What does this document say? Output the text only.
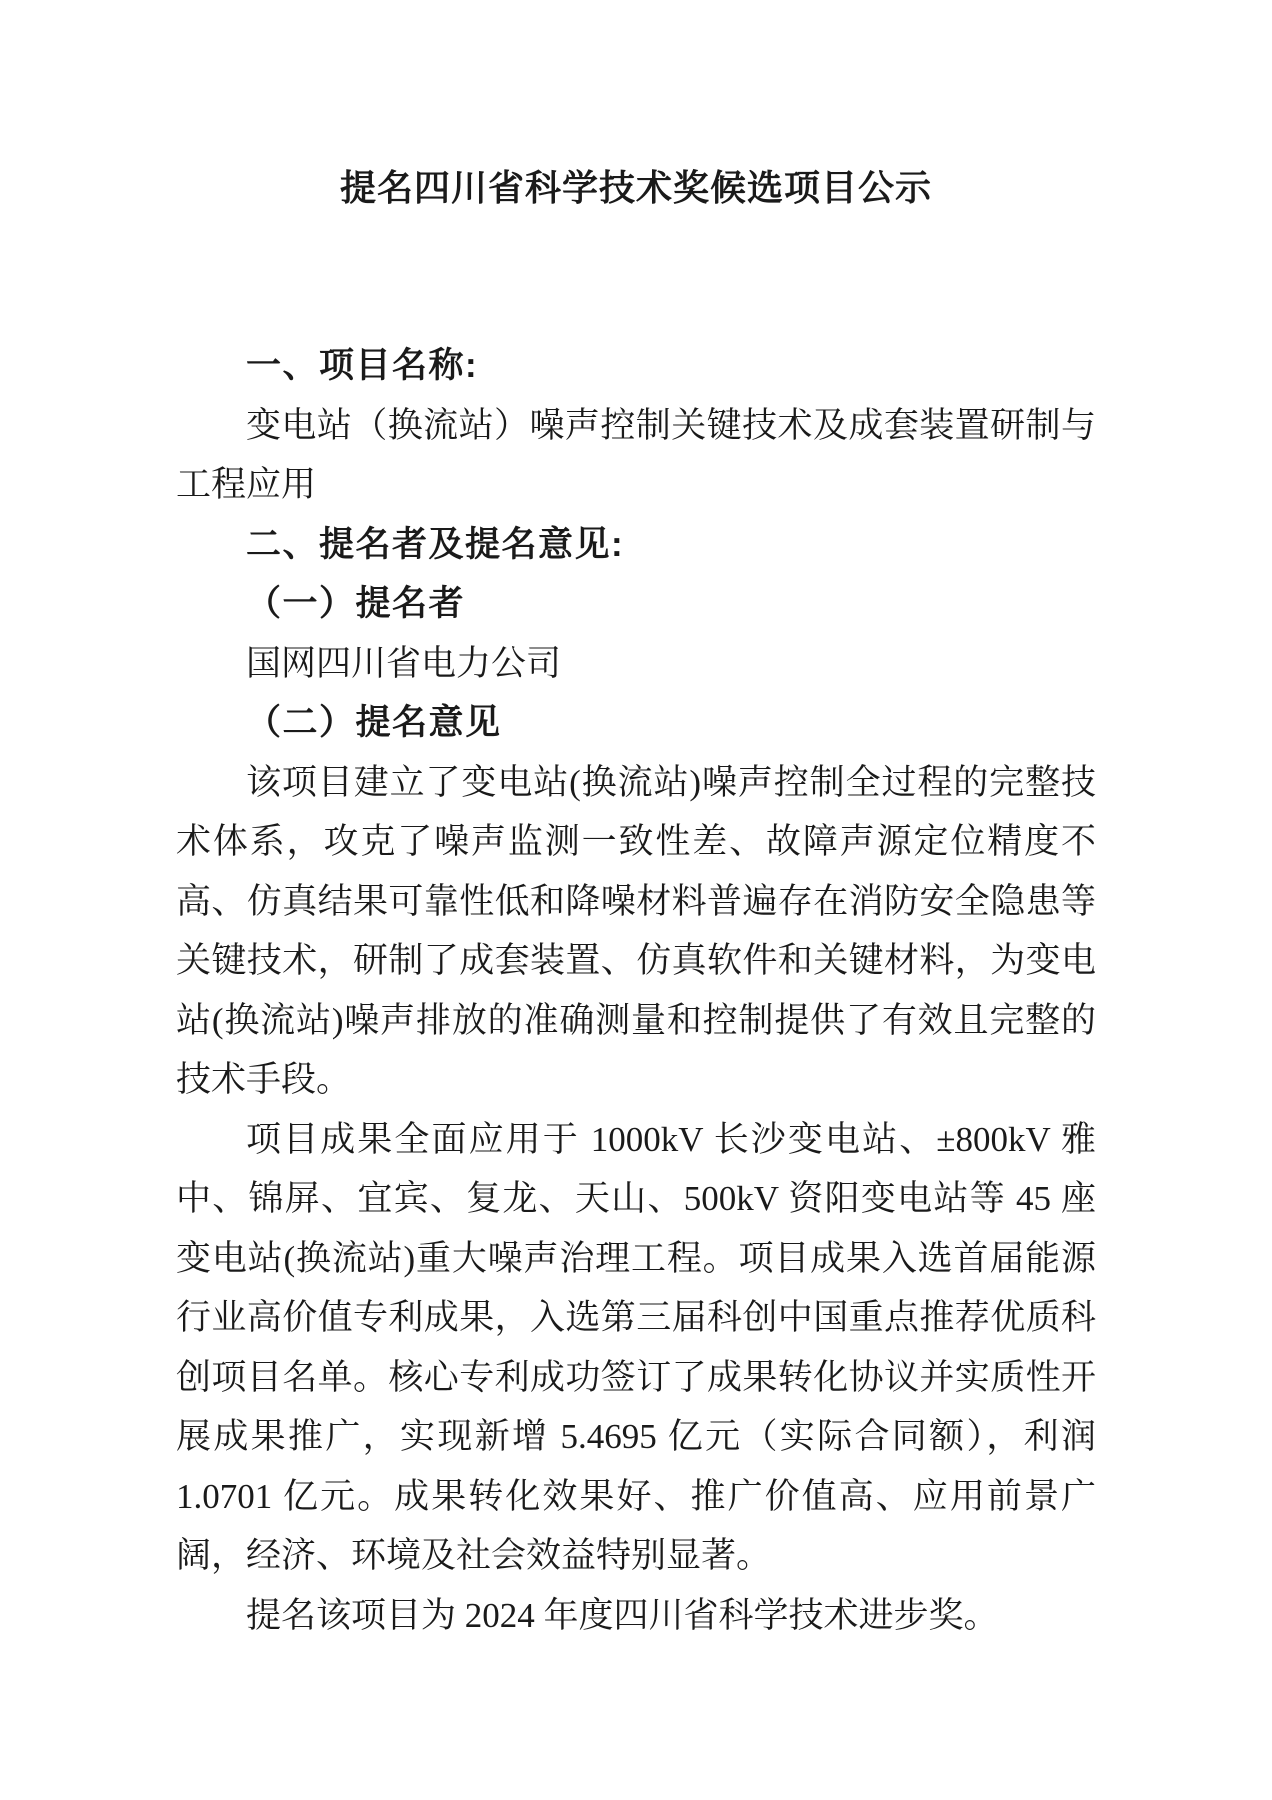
提名四川省科学技术奖候选项目公示
一、项目名称:
变电站（换流站）噪声控制关键技术及成套装置研制与工程应用
二、提名者及提名意见:
（一）提名者
国网四川省电力公司
（二）提名意见
该项目建立了变电站(换流站)噪声控制全过程的完整技术体系，攻克了噪声监测一致性差、故障声源定位精度不高、仿真结果可靠性低和降噪材料普遍存在消防安全隐患等关键技术，研制了成套装置、仿真软件和关键材料，为变电站(换流站)噪声排放的准确测量和控制提供了有效且完整的技术手段。
项目成果全面应用于 1000kV 长沙变电站、±800kV 雅中、锦屏、宜宾、复龙、天山、500kV 资阳变电站等 45 座变电站(换流站)重大噪声治理工程。项目成果入选首届能源行业高价值专利成果，入选第三届科创中国重点推荐优质科创项目名单。核心专利成功签订了成果转化协议并实质性开展成果推广，实现新增 5.4695 亿元（实际合同额），利润 1.0701 亿元。成果转化效果好、推广价值高、应用前景广阔，经济、环境及社会效益特别显著。
提名该项目为 2024 年度四川省科学技术进步奖。
